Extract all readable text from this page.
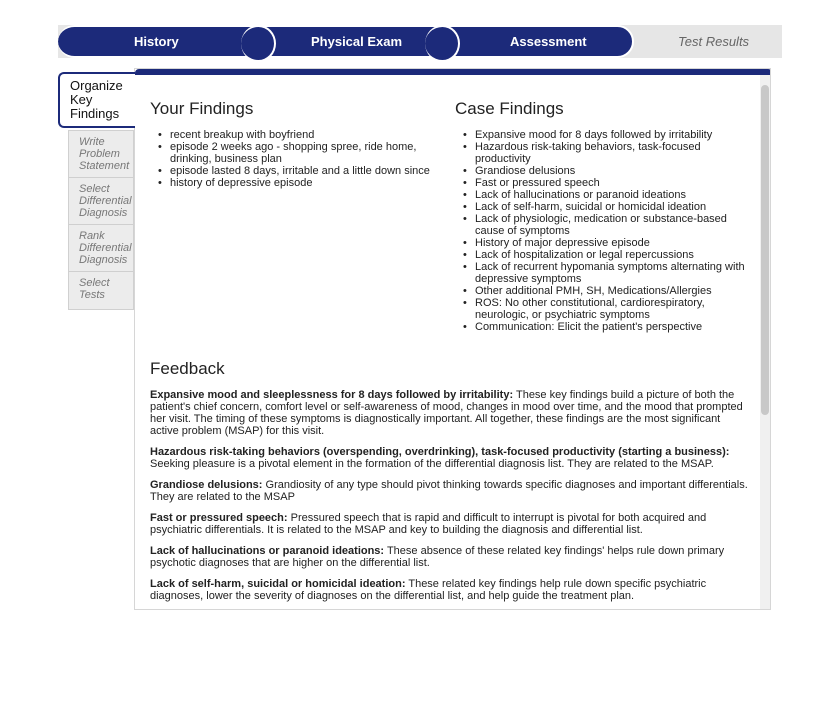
Assessment
Physical Exam
History	Test Results
Organize Key Findings
Write Problem Statement
Select Differential Diagnosis
Rank Differential Diagnosis
Select Tests
Your Findings
• recent breakup with boyfriend
• episode 2 weeks ago - shopping spree, ride home, drinking, business plan
• episode lasted 8 days, irritable and a little down since
• history of depressive episode
Case Findings
• Expansive mood for 8 days followed by irritability
• Hazardous risk-taking behaviors, task-focused productivity
• Grandiose delusions
• Fast or pressured speech
• Lack of hallucinations or paranoid ideations
• Lack of self-harm, suicidal or homicidal ideation
• Lack of physiologic, medication or substance-based cause of symptoms
• History of major depressive episode
• Lack of hospitalization or legal repercussions
• Lack of recurrent hypomania symptoms alternating with depressive symptoms
• Other additional PMH, SH, Medications/Allergies
• ROS: No other constitutional, cardiorespiratory, neurologic, or psychiatric symptoms
• Communication: Elicit the patient's perspective
Feedback

Expansive mood and sleeplessness for 8 days followed by irritability: These key findings build a picture of both the patient's chief concern, comfort level or self-awareness of mood, changes in mood over time, and the mood that prompted her visit. The timing of these symptoms is diagnostically important. All together, these findings are the most significant active problem (MSAP) for this visit.

Hazardous risk-taking behaviors (overspending, overdrinking), task-focused productivity (starting a business): Seeking pleasure is a pivotal element in the formation of the differential diagnosis list. They are related to the MSAP.

Grandiose delusions: Grandiosity of any type should pivot thinking towards specific diagnoses and important differentials. They are related to the MSAP

Fast or pressured speech: Pressured speech that is rapid and difficult to interrupt is pivotal for both acquired and psychiatric differentials. It is related to the MSAP and key to building the diagnosis and differential list.

Lack of hallucinations or paranoid ideations: These absence of these related key findings' helps rule down primary psychotic diagnoses that are higher on the differential list.

Lack of self-harm, suicidal or homicidal ideation: These related key findings help rule down specific psychiatric diagnoses, lower the severity of diagnoses on the differential list, and help guide the treatment plan.
